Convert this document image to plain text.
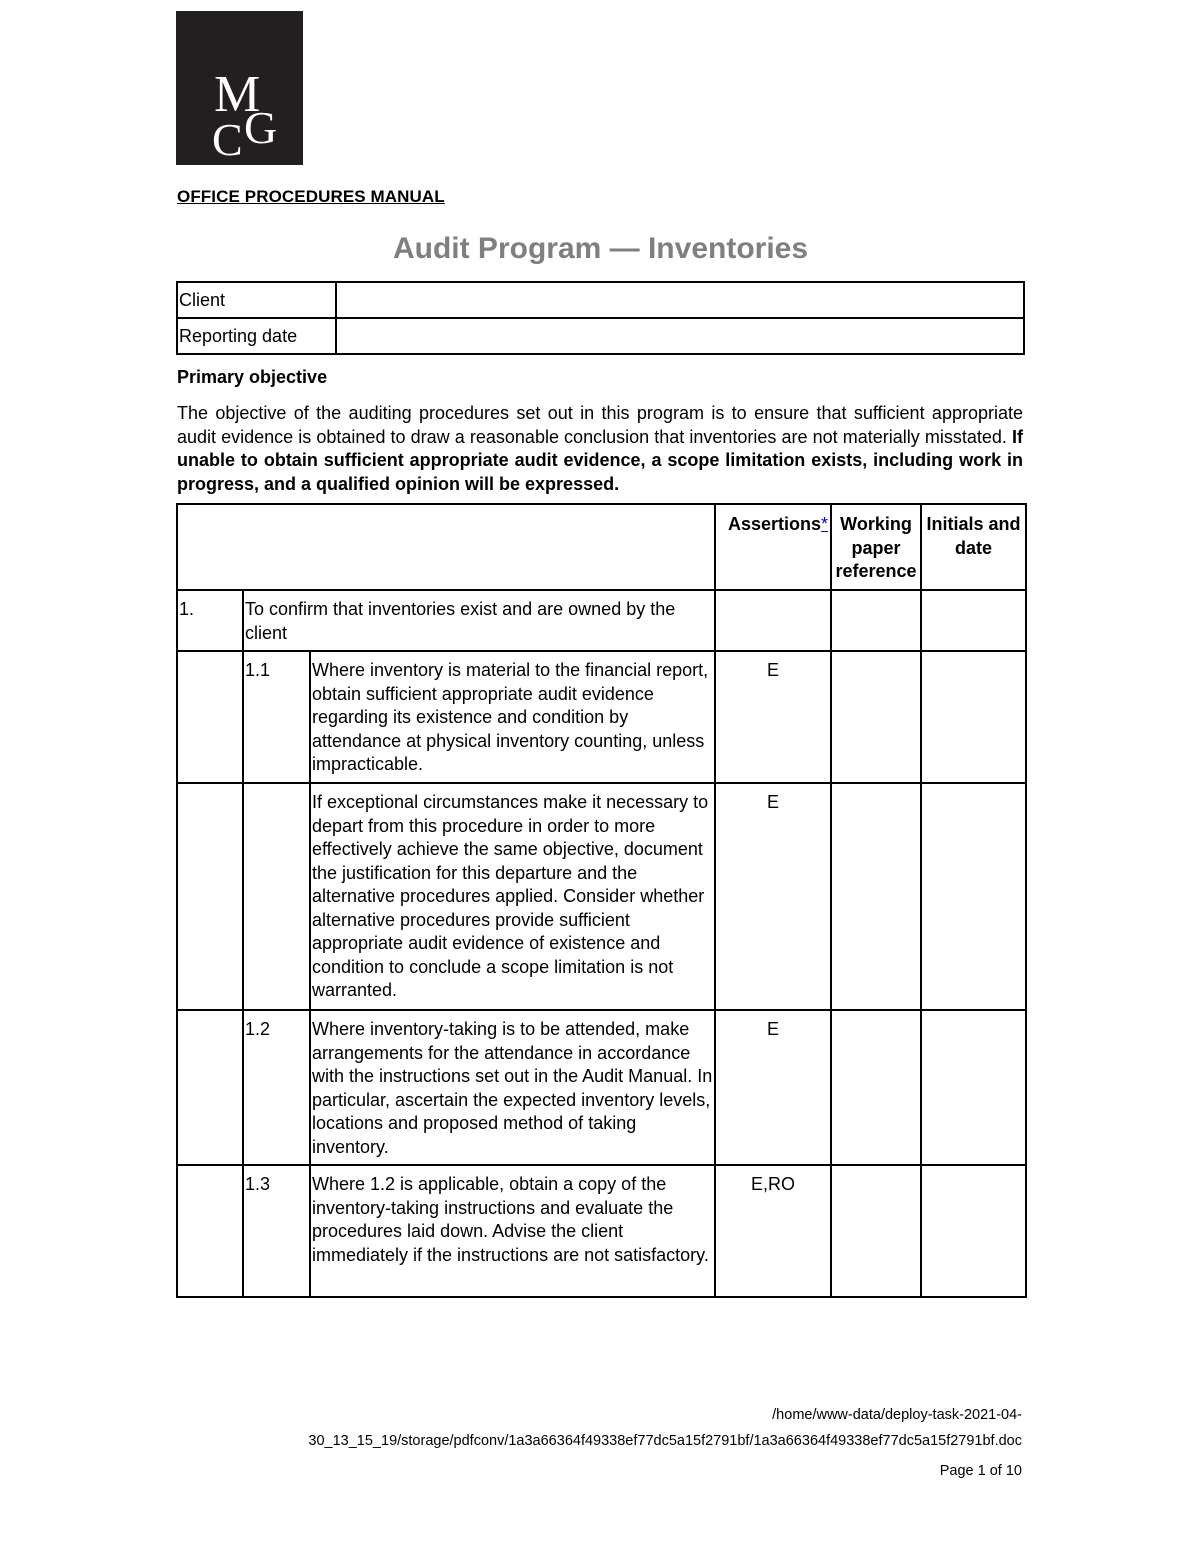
M
G
C
OFFICE PROCEDURES MANUAL
Audit Program — Inventories
Client	
Reporting date	
Primary objective
The objective of the auditing procedures set out in this program is to ensure that sufficient appropriate audit evidence is obtained to draw a reasonable conclusion that inventories are not materially misstated. If unable to obtain sufficient appropriate audit evidence, a scope limitation exists, including work in progress, and a qualified opinion will be expressed.
			Assertions*	Working paper reference	Initials and date
1.	To confirm that inventories exist and are owned by the client				
	1.1	Where inventory is material to the financial report, obtain sufficient appropriate audit evidence regarding its existence and condition by attendance at physical inventory counting, unless impracticable.	E		
		If exceptional circumstances make it necessary to depart from this procedure in order to more effectively achieve the same objective, document the justification for this departure and the alternative procedures applied. Consider whether alternative procedures provide sufficient appropriate audit evidence of existence and condition to conclude a scope limitation is not warranted.	E		
	1.2	Where inventory-taking is to be attended, make arrangements for the attendance in accordance with the instructions set out in the Audit Manual. In particular, ascertain the expected inventory levels, locations and proposed method of taking inventory.	E		
	1.3	Where 1.2 is applicable, obtain a copy of the inventory-taking instructions and evaluate the procedures laid down. Advise the client immediately if the instructions are not satisfactory.	E,RO		
/home/www-data/deploy-task-2021-04-
30_13_15_19/storage/pdfconv/1a3a66364f49338ef77dc5a15f2791bf/1a3a66364f49338ef77dc5a15f2791bf.doc
Page 1 of 10
